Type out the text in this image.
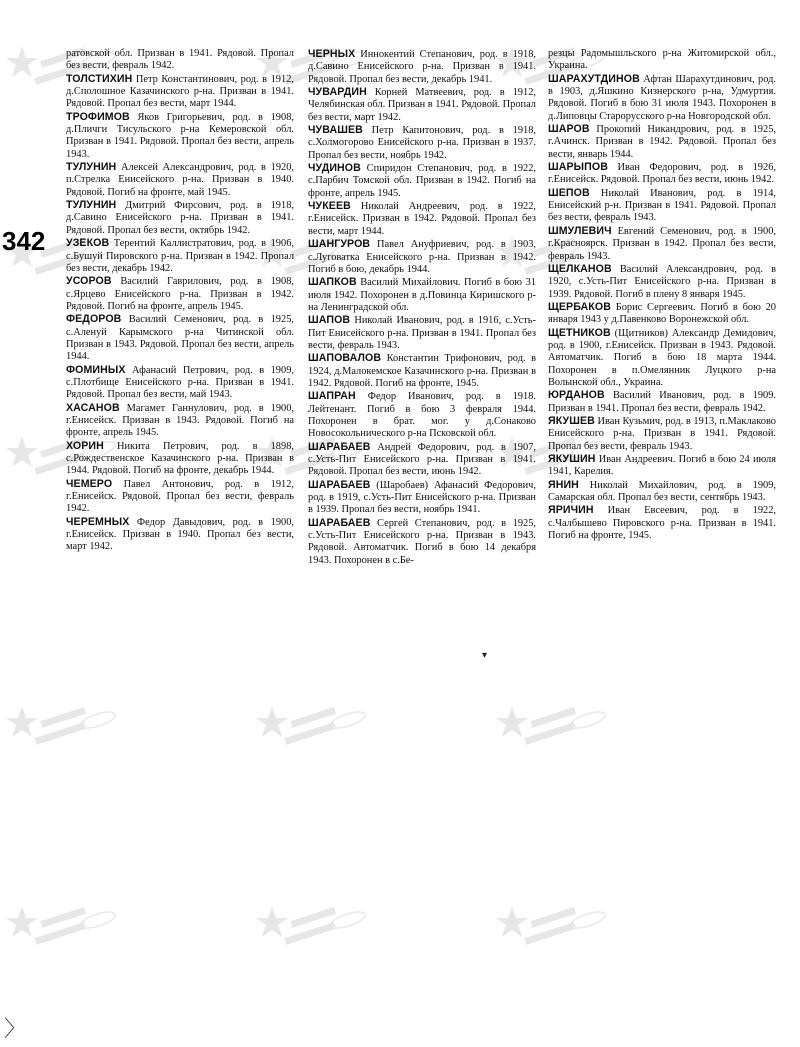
342

ратовской обл. Призван в 1941. Рядовой. Пропал без вести, февраль 1942.

ТОЛСТИХИН Петр Константинович, род. в 1912, д.Сполошное Казачинского р-на. Призван в 1941. Рядовой. Пропал без вести, март 1944.

ТРОФИМОВ Яков Григорьевич, род. в 1908, д.Пличги Тисульского р-на Кемеровской обл. Призван в 1941. Рядовой. Пропал без вести, апрель 1943.

ТУЛУНИН Алексей Александрович, род. в 1920, п.Стрелка Енисейского р-на. Призван в 1940. Рядовой. Погиб на фронте, май 1945.

ТУЛУНИН Дмитрий Фирсович, род. в 1918, д.Савино Енисейского р-на. Призван в 1941. Рядовой. Пропал без вести, октябрь 1942.

УЗЕКОВ Терентий Каллистратович, род. в 1906, с.Бушуй Пировского р-на. Призван в 1942. Пропал без вести, декабрь 1942.

УСОРОВ Василий Гаврилович, род. в 1908, с.Ярцево Енисейского р-на. Призван в 1942. Рядовой. Погиб на фронте, апрель 1945.

ФЕДОРОВ Василий Семенович, род. в 1925, с.Аленуй Карымского р-на Читинской обл. Призван в 1943. Рядовой. Пропал без вести, апрель 1944.

ФОМИНЫХ Афанасий Петрович, род. в 1909, с.Плотбище Енисейского р-на. Призван в 1941. Рядовой. Пропал без вести, май 1943.

ХАСАНОВ Магамет Ганнулович, род. в 1900, г.Енисейск. Призван в 1943. Рядовой. Погиб на фронте, апрель 1945.

ХОРИН Никита Петрович, род. в 1898, с.Рождественское Казачинского р-на. Призван в 1944. Рядовой. Погиб на фронте, декабрь 1944.

ЧЕМЕРО Павел Антонович, род. в 1912, г.Енисейск. Рядовой. Пропал без вести, февраль 1942.

ЧЕРЕМНЫХ Федор Давыдович, род. в 1900, г.Енисейск. Призван в 1940. Пропал без вести, март 1942.

ЧЕРНЫХ Иннокентий Степанович, род. в 1918, д.Савино Енисейского р-на. Призван в 1941. Рядовой. Пропал без вести, декабрь 1941.

ЧУВАРДИН Корней Матвеевич, род. в 1912, Челябинская обл. Призван в 1941. Рядовой. Пропал без вести, март 1942.

ЧУВАШЕВ Петр Капитонович, род. в 1918, с.Холмогорово Енисейского р-на. Призван в 1937. Пропал без вести, ноябрь 1942.

ЧУДИНОВ Спиридон Степанович, род. в 1922, с.Парбич Томской обл. Призван в 1942. Погиб на фронте, апрель 1945.

ЧУКЕЕВ Николай Андреевич, род. в 1922, г.Енисейск. Призван в 1942. Рядовой. Пропал без вести, март 1944.

ШАНГУРОВ Павел Ануфриевич, род. в 1903, с.Луговатка Енисейского р-на. Призван в 1942. Погиб в бою, декабрь 1944.

ШАПКОВ Василий Михайлович. Погиб в бою 31 июля 1942. Похоронен в д.Повинца Киришского р-на Ленинградской обл.

ШАПОВ Николай Иванович, род. в 1916, с.Усть-Пит Енисейского р-на. Призван в 1941. Пропал без вести, февраль 1943.

ШАПОВАЛОВ Константин Трифонович, род. в 1924, д.Малокемское Казачинского р-на. Призван в 1942. Рядовой. Погиб на фронте, 1945.

ШАПРАН Федор Иванович, род. в 1918. Лейтенант. Погиб в бою 3 февраля 1944. Похоронен в брат. мог. у д.Сонаково Новосокольнического р-на Псковской обл.

ШАРАБАЕВ Андрей Федорович, род. в 1907, с.Усть-Пит Енисейского р-на. Призван в 1941. Рядовой. Пропал без вести, июнь 1942.

ШАРАБАЕВ (Шаробаев) Афанасий Федорович, род. в 1919, с.Усть-Пит Енисейского р-на. Призван в 1939. Пропал без вести, ноябрь 1941.

ШАРАБАЕВ Сергей Степанович, род. в 1925, с.Усть-Пит Енисейского р-на. Призван в 1943. Рядовой. Автоматчик. Погиб в бою 14 декабря 1943. Похоронен в с.Бе-

резцы Радомышльского р-на Житомирской обл., Украина.

ШАРАХУТДИНОВ Афтан Шарахутдинович, род. в 1903, д.Яшкино Кизнерского р-на, Удмуртия. Рядовой. Погиб в бою 31 июля 1943. Похоронен в д.Липовцы Старорусского р-на Новгородской обл.

ШАРОВ Прокопий Никандрович, род. в 1925, г.Ачинск. Призван в 1942. Рядовой. Пропал без вести, январь 1944.

ШАРЫПОВ Иван Федорович, род. в 1926, г.Енисейск. Рядовой. Пропал без вести, июнь 1942.

ШЕПОВ Николай Иванович, род. в 1914, Енисейский р-н. Призван в 1941. Рядовой. Пропал без вести, февраль 1943.

ШМУЛЕВИЧ Евгений Семенович, род. в 1900, г.Красноярск. Призван в 1942. Пропал без вести, февраль 1943.

ЩЕЛКАНОВ Василий Александрович, род. в 1920, с.Усть-Пит Енисейского р-на. Призван в 1939. Рядовой. Погиб в плену 8 января 1945.

ЩЕРБАКОВ Борис Сергеевич. Погиб в бою 20 января 1943 у д.Павенково Воронежской обл.

ЩЕТНИКОВ (Щитников) Александр Демидович, род. в 1900, г.Енисейск. Призван в 1943. Рядовой. Автоматчик. Погиб в бою 18 марта 1944. Похоронен в п.Омелянник Луцкого р-на Волынской обл., Украина.

ЮРДАНОВ Василий Иванович, род. в 1909. Призван в 1941. Пропал без вести, февраль 1942.

ЯКУШЕВ Иван Кузьмич, род. в 1913, п.Маклаково Енисейского р-на. Призван в 1941. Рядовой. Пропал без вести, февраль 1943.

ЯКУШИН Иван Андреевич. Погиб в бою 24 июля 1941, Карелия.

ЯНИН Николай Михайлович, род. в 1909, Самарская обл. Пропал без вести, сентябрь 1943.

ЯРИЧИН Иван Евсеевич, род. в 1922, с.Чалбышево Пировского р-на. Призван в 1941. Погиб на фронте, 1945.

▾
〉
